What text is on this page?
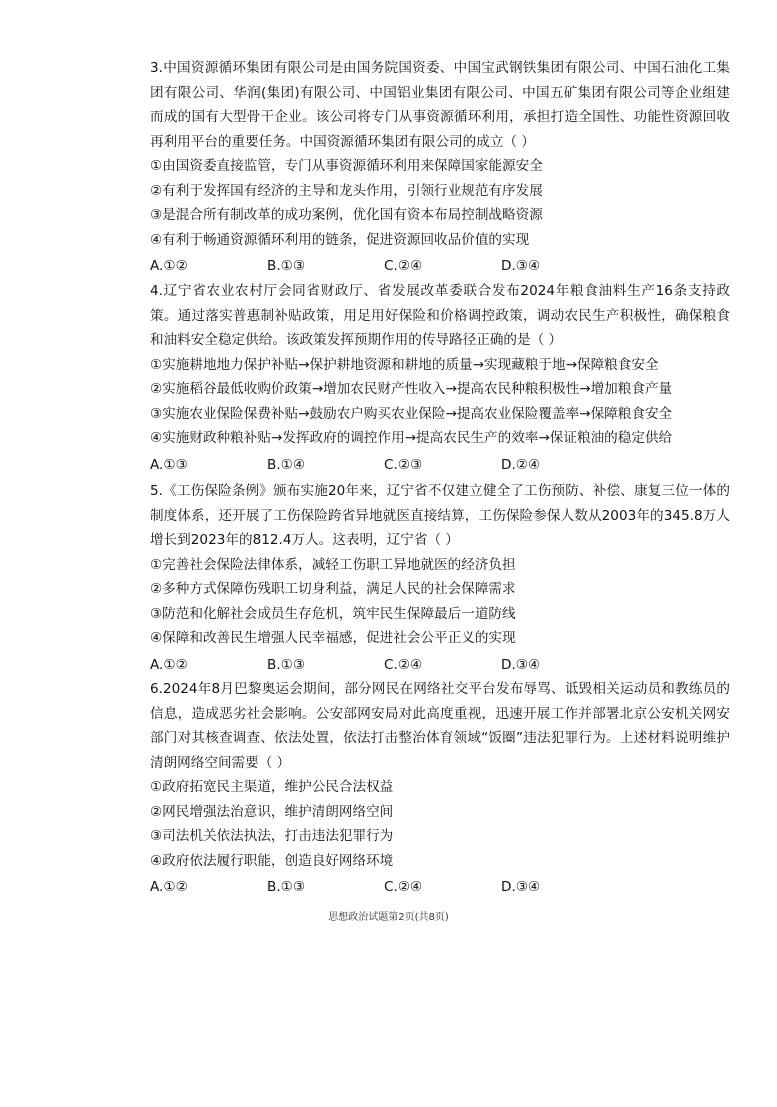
3.中国资源循环集团有限公司是由国务院国资委、中国宝武钢铁集团有限公司、中国石油化工集团有限公司、华润(集团)有限公司、中国铝业集团有限公司、中国五矿集团有限公司等企业组建而成的国有大型骨干企业。该公司将专门从事资源循环利用，承担打造全国性、功能性资源回收再利用平台的重要任务。中国资源循环集团有限公司的成立（ ）

①由国资委直接监管，专门从事资源循环利用来保障国家能源安全

②有利于发挥国有经济的主导和龙头作用，引领行业规范有序发展

③是混合所有制改革的成功案例，优化国有资本布局控制战略资源

④有利于畅通资源循环利用的链条，促进资源回收品价值的实现

A.①②	B.①③	C.②④	D.③④

4.辽宁省农业农村厅会同省财政厅、省发展改革委联合发布2024年粮食油料生产16条支持政策。通过落实普惠制补贴政策，用足用好保险和价格调控政策，调动农民生产积极性，确保粮食和油料安全稳定供给。该政策发挥预期作用的传导路径正确的是（ ）

①实施耕地地力保护补贴→保护耕地资源和耕地的质量→实现藏粮于地→保障粮食安全

②实施稻谷最低收购价政策→增加农民财产性收入→提高农民种粮积极性→增加粮食产量

③实施农业保险保费补贴→鼓励农户购买农业保险→提高农业保险覆盖率→保障粮食安全

④实施财政种粮补贴→发挥政府的调控作用→提高农民生产的效率→保证粮油的稳定供给

A.①③	B.①④	C.②③	D.②④

5.《工伤保险条例》颁布实施20年来，辽宁省不仅建立健全了工伤预防、补偿、康复三位一体的制度体系，还开展了工伤保险跨省异地就医直接结算，工伤保险参保人数从2003年的345.8万人增长到2023年的812.4万人。这表明，辽宁省（ ）

①完善社会保险法律体系，减轻工伤职工异地就医的经济负担

②多种方式保障伤残职工切身利益，满足人民的社会保障需求

③防范和化解社会成员生存危机，筑牢民生保障最后一道防线

④保障和改善民生增强人民幸福感，促进社会公平正义的实现

A.①②	B.①③	C.②④	D.③④

6.2024年8月巴黎奥运会期间，部分网民在网络社交平台发布辱骂、诋毁相关运动员和教练员的信息，造成恶劣社会影响。公安部网安局对此高度重视，迅速开展工作并部署北京公安机关网安部门对其核查调查、依法处置，依法打击整治体育领域“饭圈”违法犯罪行为。上述材料说明维护清朗网络空间需要（ ）

①政府拓宽民主渠道，维护公民合法权益

②网民增强法治意识，维护清朗网络空间

③司法机关依法执法，打击违法犯罪行为

④政府依法履行职能，创造良好网络环境

A.①②	B.①③	C.②④	D.③④
思想政治试题第2页(共8页)
